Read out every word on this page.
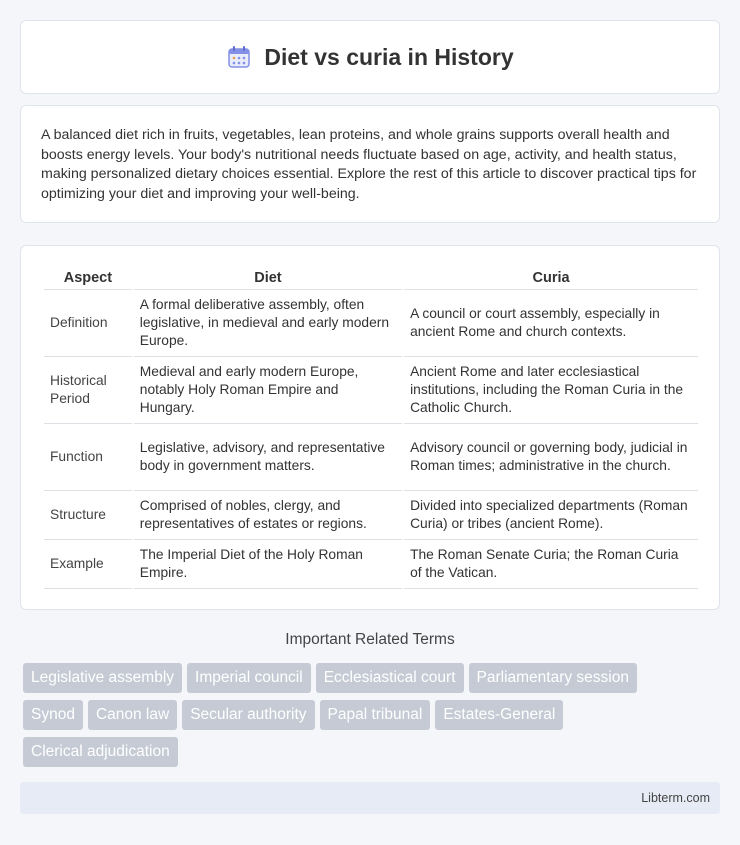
Diet vs curia in History

A balanced diet rich in fruits, vegetables, lean proteins, and whole grains supports overall health and boosts energy levels. Your body's nutritional needs fluctuate based on age, activity, and health status, making personalized dietary choices essential. Explore the rest of this article to discover practical tips for optimizing your diet and improving your well-being.

Aspect	Diet	Curia
Definition	A formal deliberative assembly, often legislative, in medieval and early modern Europe.	A council or court assembly, especially in ancient Rome and church contexts.
Historical Period	Medieval and early modern Europe, notably Holy Roman Empire and Hungary.	Ancient Rome and later ecclesiastical institutions, including the Roman Curia in the Catholic Church.
Function	Legislative, advisory, and representative body in government matters.	Advisory council or governing body, judicial in Roman times; administrative in the church.
Structure	Comprised of nobles, clergy, and representatives of estates or regions.	Divided into specialized departments (Roman Curia) or tribes (ancient Rome).
Example	The Imperial Diet of the Holy Roman Empire.	The Roman Senate Curia; the Roman Curia of the Vatican.
Important Related Terms
Legislative assembly Imperial council Ecclesiastical court Parliamentary session
Synod Canon law Secular authority Papal tribunal Estates-General
Clerical adjudication
Libterm.com
